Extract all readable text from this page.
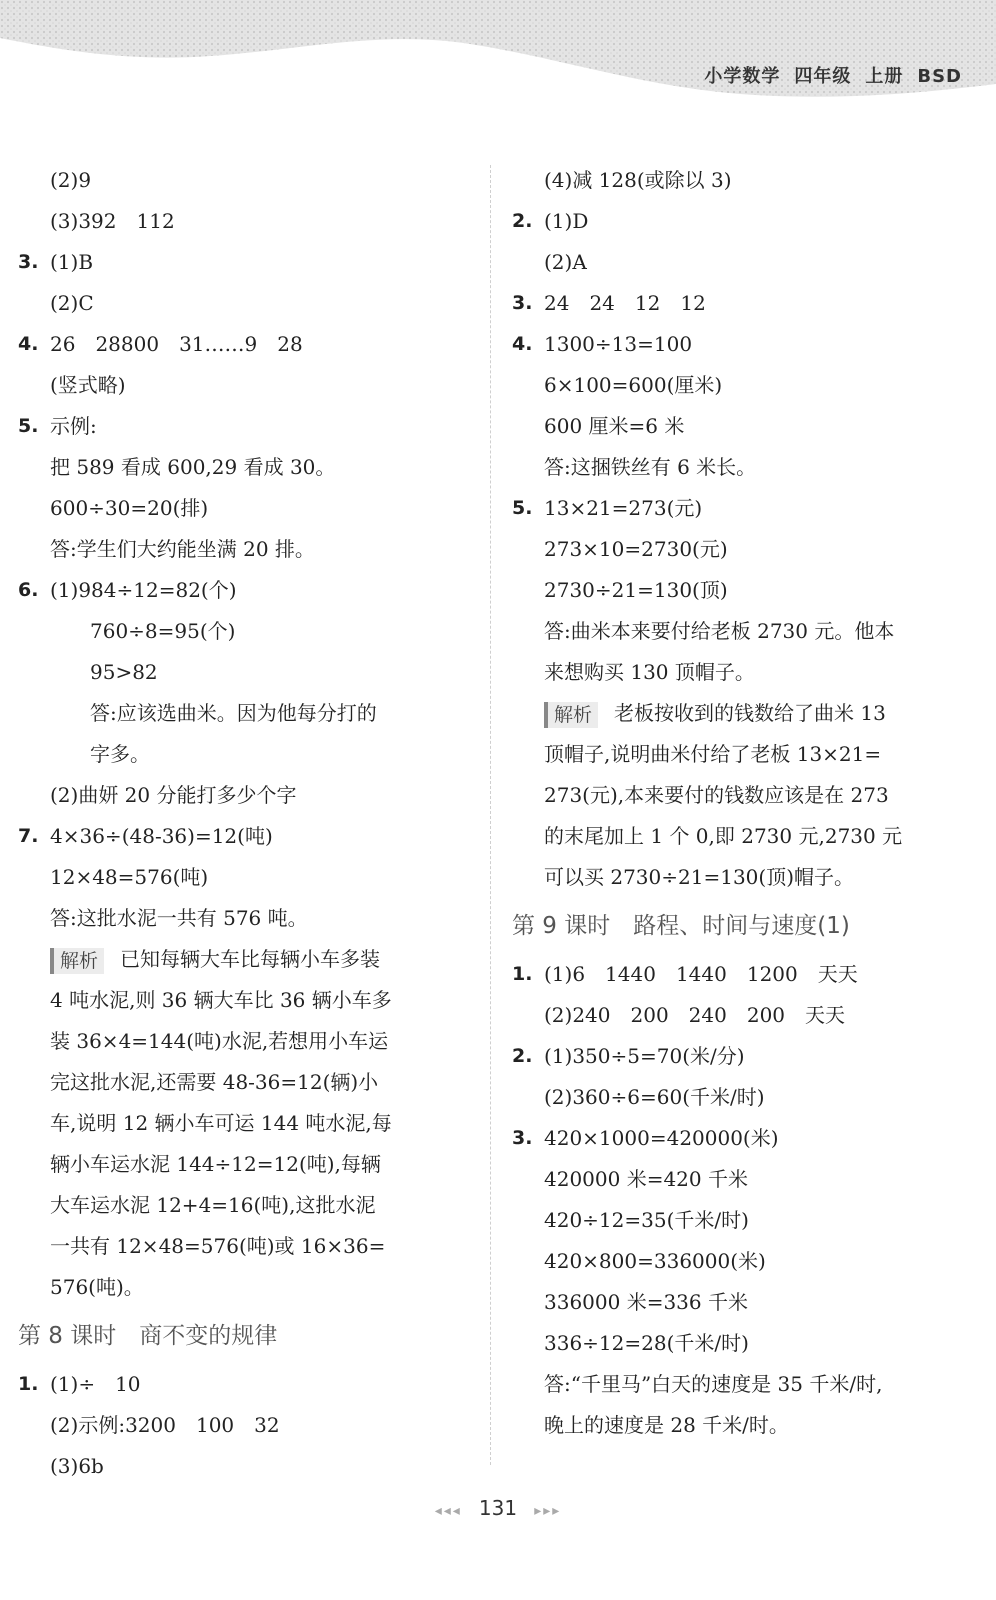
小学数学 四年级 上册 BSD
(2)9
(3)392　112
3. (1)B
(2)C
4. 26　28800　31……9　28
(竖式略)
5. 示例:
把 589 看成 600,29 看成 30。
600÷30=20(排)
答:学生们大约能坐满 20 排。
6. (1)984÷12=82(个)
760÷8=95(个)
95>82
答:应该选曲米。因为他每分打的
字多。
(2)曲妍 20 分能打多少个字
7. 4×36÷(48-36)=12(吨)
12×48=576(吨)
答:这批水泥一共有 576 吨。
解析 已知每辆大车比每辆小车多装
4 吨水泥,则 36 辆大车比 36 辆小车多
装 36×4=144(吨)水泥,若想用小车运
完这批水泥,还需要 48-36=12(辆)小
车,说明 12 辆小车可运 144 吨水泥,每
辆小车运水泥 144÷12=12(吨),每辆
大车运水泥 12+4=16(吨),这批水泥
一共有 12×48=576(吨)或 16×36=
576(吨)。
第 8 课时　商不变的规律
1. (1)÷　10
(2)示例:3200　100　32
(3)6b
(4)减 128(或除以 3)
2. (1)D
(2)A
3. 24　24　12　12
4. 1300÷13=100
6×100=600(厘米)
600 厘米=6 米
答:这捆铁丝有 6 米长。
5. 13×21=273(元)
273×10=2730(元)
2730÷21=130(顶)
答:曲米本来要付给老板 2730 元。他本
来想购买 130 顶帽子。
解析 老板按收到的钱数给了曲米 13
顶帽子,说明曲米付给了老板 13×21=
273(元),本来要付的钱数应该是在 273
的末尾加上 1 个 0,即 2730 元,2730 元
可以买 2730÷21=130(顶)帽子。
第 9 课时　路程、时间与速度(1)
1. (1)6　1440　1440　1200　天天
(2)240　200　240　200　天天
2. (1)350÷5=70(米/分)
(2)360÷6=60(千米/时)
3. 420×1000=420000(米)
420000 米=420 千米
420÷12=35(千米/时)
420×800=336000(米)
336000 米=336 千米
336÷12=28(千米/时)
答:“千里马”白天的速度是 35 千米/时,
晚上的速度是 28 千米/时。
◂◂◂ 131 ▸▸▸
